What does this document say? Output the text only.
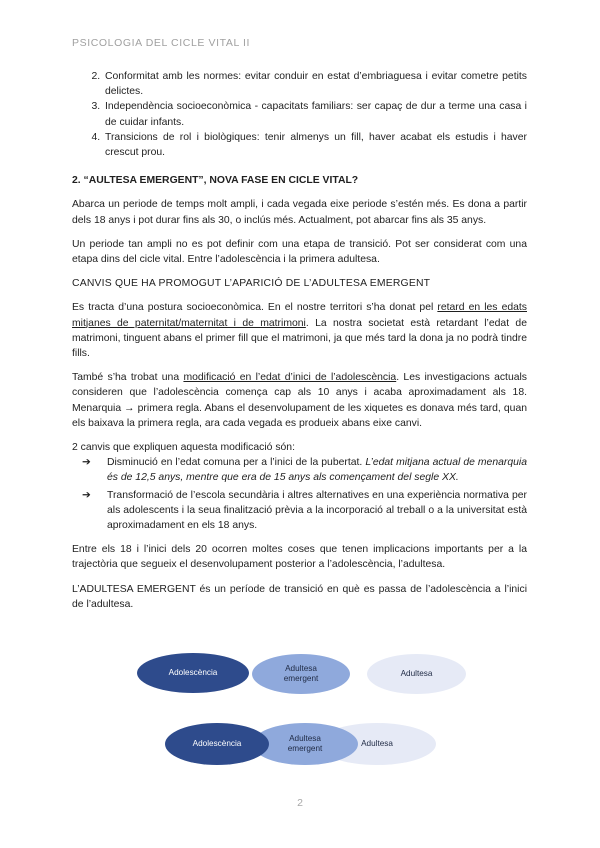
PSICOLOGIA DEL CICLE VITAL II
2. Conformitat amb les normes: evitar conduir en estat d’embriaguesa i evitar cometre petits delictes.
3. Independència socioeconòmica - capacitats familiars: ser capaç de dur a terme una casa i de cuidar infants.
4. Transicions de rol i biològiques: tenir almenys un fill, haver acabat els estudis i haver crescut prou.

2. “AULTESA EMERGENT”, NOVA FASE EN CICLE VITAL?

Abarca un periode de temps molt ampli, i cada vegada eixe periode s’estén més. Es dona a partir dels 18 anys i pot durar fins als 30, o inclús més. Actualment, pot abarcar fins als 35 anys.

Un periode tan ampli no es pot definir com una etapa de transició. Pot ser considerat com una etapa dins del cicle vital. Entre l’adolescència i la primera adultesa.

CANVIS QUE HA PROMOGUT L’APARICIÓ DE L’ADULTESA EMERGENT

Es tracta d’una postura socioeconòmica. En el nostre territori s’ha donat pel retard en les edats mitjanes de paternitat/maternitat i de matrimoni. La nostra societat està retardant l’edat de matrimoni, tinguent abans el primer fill que el matrimoni, ja que més tard la dona ja no podrà tindre fills.

També s’ha trobat una modificació en l’edat d’inici de l’adolescència. Les investigacions actuals consideren que l’adolescència comença cap als 10 anys i acaba aproximadament als 18. Menarquia → primera regla. Abans el desenvolupament de les xiquetes es donava més tard, quan els baixava la primera regla, ara cada vegada es produeix abans eixe canvi.

2 canvis que expliquen aquesta modificació són:

➔ Disminució en l’edat comuna per a l’inici de la pubertat. L’edat mitjana actual de menarquia és de 12,5 anys, mentre que era de 15 anys als començament del segle XX.
➔ Transformació de l’escola secundària i altres alternatives en una experiència normativa per als adolescents i la seua finalització prèvia a la incorporació al treball o a la universitat està aproximadament en els 18 anys.

Entre els 18 i l’inici dels 20 ocorren moltes coses que tenen implicacions importants per a la trajectòria que segueix el desenvolupament posterior a l’adolescència, l’adultesa.

L’ADULTESA EMERGENT és un període de transició en què es passa de l’adolescència a l’inici de l’adultesa.

Adolescència	Adultesa emergent
Adultesa
Adultesa
Adultesa emergent
Adolescència
2
